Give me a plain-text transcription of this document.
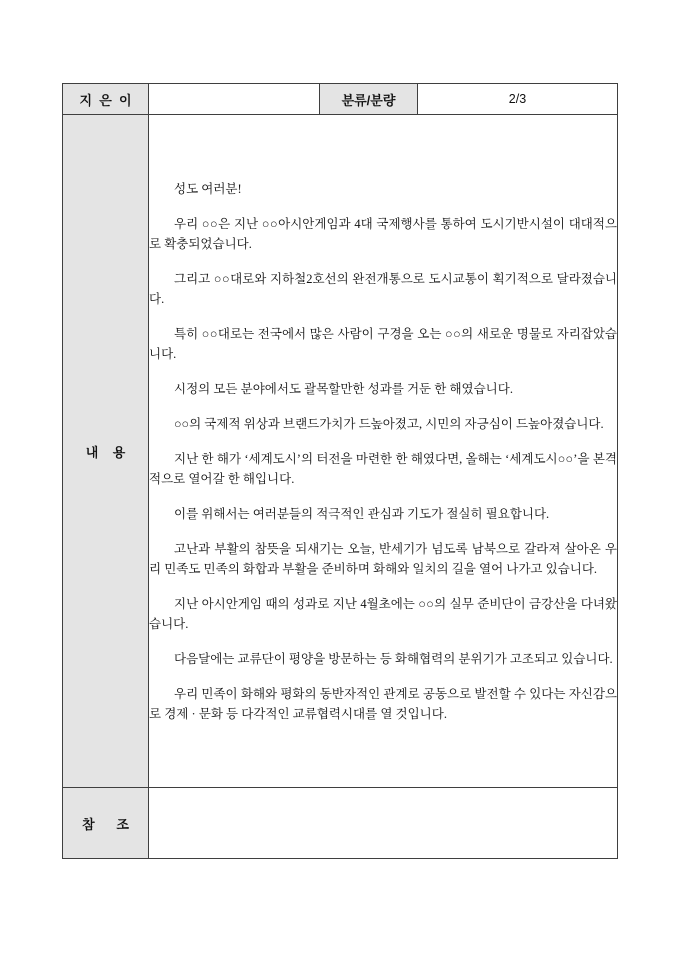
지  은  이		분류/분량	2/3
내    용	

성도 여러분!

우리 ○○은 지난 ○○아시안게임과 4대 국제행사를 통하여 도시기반시설이 대대적으로 확충되었습니다.

그리고 ○○대로와 지하철2호선의 완전개통으로 도시교통이 획기적으로 달라졌습니다.

특히 ○○대로는 전국에서 많은 사람이 구경을 오는 ○○의 새로운 명물로 자리잡았습니다.

시정의 모든 분야에서도 괄목할만한 성과를 거둔 한 해였습니다.

○○의 국제적 위상과 브랜드가치가 드높아졌고, 시민의 자긍심이 드높아졌습니다.

지난 한 해가 ‘세계도시’의 터전을 마련한 한 해였다면, 올해는 ‘세계도시○○’을 본격적으로 열어갈 한 해입니다.

이를 위해서는 여러분들의 적극적인 관심과 기도가 절실히 필요합니다.

고난과 부활의 참뜻을 되새기는 오늘, 반세기가 넘도록 남북으로 갈라져 살아온 우리 민족도 민족의 화합과 부활을 준비하며 화해와 일치의 길을 열어 나가고 있습니다.

지난 아시안게임 때의 성과로 지난 4월초에는 ○○의 실무 준비단이 금강산을 다녀왔습니다.

다음달에는 교류단이 평양을 방문하는 등 화해협력의 분위기가 고조되고 있습니다.

우리 민족이 화해와 평화의 동반자적인 관계로 공동으로 발전할 수 있다는 자신감으로 경제 · 문화 등 다각적인 교류협력시대를 열 것입니다.

참      조			
